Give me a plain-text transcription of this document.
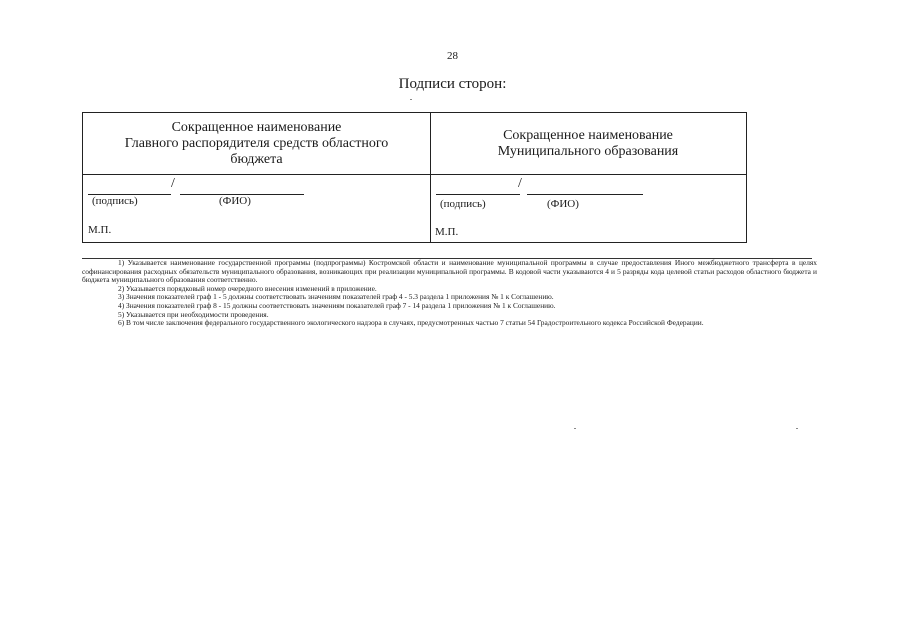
28
Подписи сторон:
Сокращенное наименование
Главного распорядителя средств областного
бюджета
/
(подпись)	(ФИО)
М.П.
Сокращенное наименование
Муниципального образования
/
(подпись)	(ФИО)
М.П.
1) Указывается наименование государственной программы (подпрограммы) Костромской области и наименование муниципальной программы в случае предоставления Иного межбюджетного трансферта в целях софинансирования расходных обязательств муниципального образования, возникающих при реализации муниципальной программы. В кодовой части указываются 4 и 5 разряды кода целевой статьи расходов областного бюджета и бюджета муниципального образования соответственно.
2) Указывается порядковый номер очередного внесения изменений в приложение.
3) Значения показателей граф 1 - 5 должны соответствовать значениям показателей граф 4 - 5.3 раздела 1 приложения № 1 к Соглашению.
4) Значения показателей граф 8 - 15 должны соответствовать значениям показателей граф 7 - 14 раздела 1 приложения № 1 к Соглашению.
5) Указывается при необходимости проведения.
6) В том числе заключения федерального государственного экологического надзора в случаях, предусмотренных частью 7 статьи 54 Градостроительного кодекса Российской Федерации.
